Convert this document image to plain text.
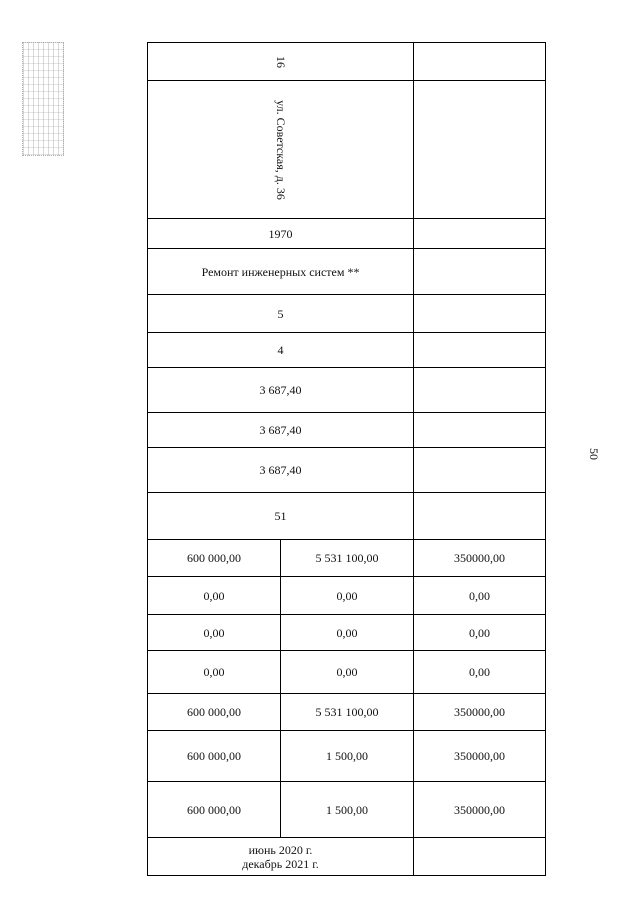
50
16
ул. Советская, д. 36
1970
Ремонт инженерных систем **
5
4
3 687,40
3 687,40
3 687,40
51
600 000,00	5 531 100,00	350000,00
0,00	0,00	0,00
0,00	0,00	0,00
0,00	0,00	0,00
600 000,00	5 531 100,00	350000,00
600 000,00	1 500,00	350000,00
600 000,00	1 500,00	350000,00
июнь 2020 г.
декабрь 2021 г.
